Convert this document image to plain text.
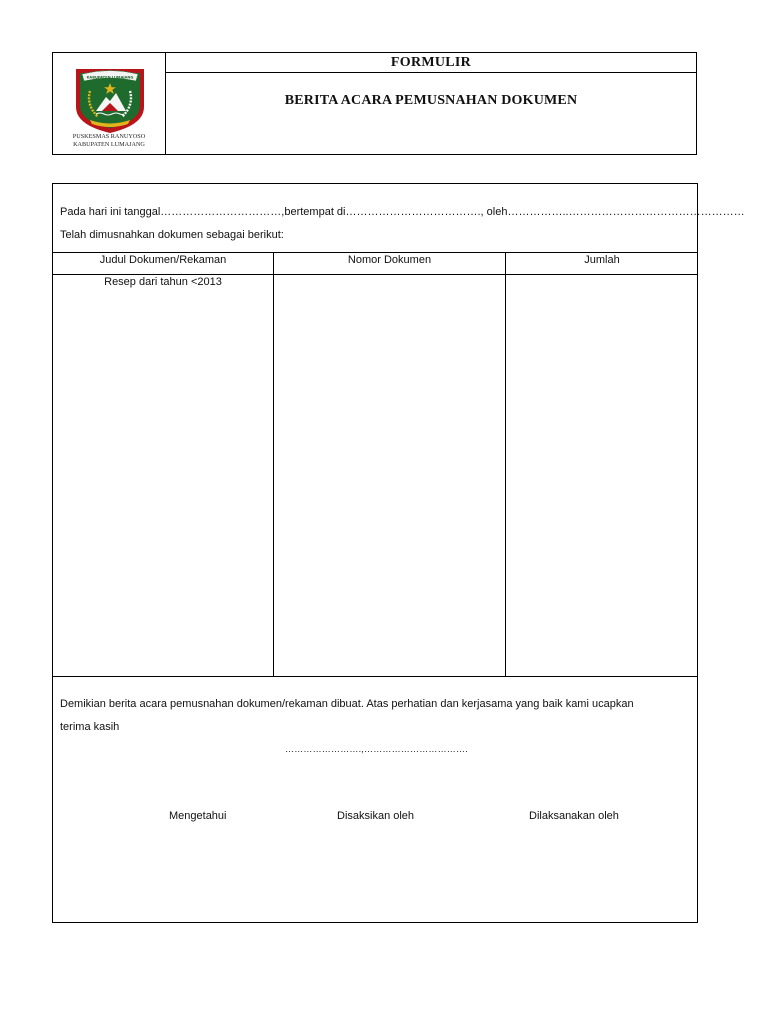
KABUPATEN LUMAJANG
PUSKESMAS RANUYOSO
KABUPATEN LUMAJANG
FORMULIR
BERITA ACARA PEMUSNAHAN DOKUMEN
Pada hari ini tanggal……………………………,bertempat di………………………………., oleh……………..…………………………………………
Telah dimusnahkan dokumen sebagai berikut:
Judul Dokumen/Rekaman	Nomor Dokumen	Jumlah
Resep dari tahun <2013
Demikian berita acara pemusnahan dokumen/rekaman dibuat. Atas perhatian dan kerjasama yang baik kami ucapkan
terima kasih
…………………….,…………………………….
Mengetahui	Disaksikan oleh	Dilaksanakan oleh
